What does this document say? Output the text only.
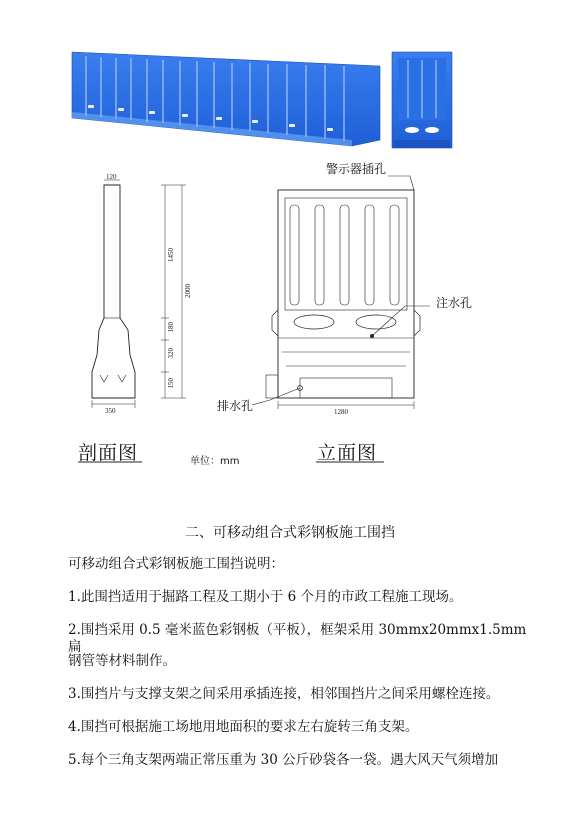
警示器插孔
注水孔
排水孔
120
350
1450
2000
180
320
150
1280
剖面图	单位：mm	立面图
二、可移动组合式彩钢板施工围挡
可移动组合式彩钢板施工围挡说明：
1.此围挡适用于掘路工程及工期小于 6 个月的市政工程施工现场。
2.围挡采用 0.5 毫米蓝色彩钢板（平板），框架采用 30mmx20mmx1.5mm 扁
钢管等材料制作。
3.围挡片与支撑支架之间采用承插连接，相邻围挡片之间采用螺栓连接。
4.围挡可根据施工场地用地面积的要求左右旋转三角支架。
5.每个三角支架两端正常压重为 30 公斤砂袋各一袋。遇大风天气须增加
